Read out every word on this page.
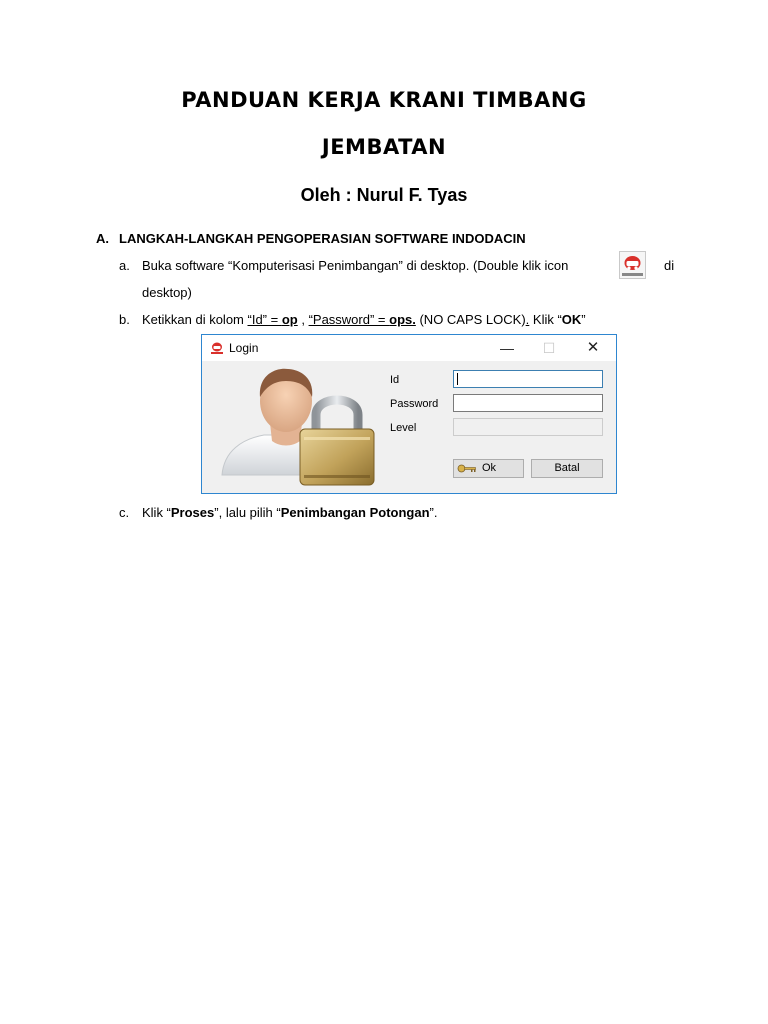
PANDUAN KERJA KRANI TIMBANG
JEMBATAN
Oleh : Nurul F. Tyas
A. LANGKAH-LANGKAH PENGOPERASIAN SOFTWARE INDODACIN
a. Buka software “Komputerisasi Penimbangan” di desktop. (Double klik icon	di
desktop)
b. Ketikkan di kolom “Id” = op , “Password” = ops. (NO CAPS LOCK). Klik “OK”
Login	— ☐ ✕
Id
Password
Level
Ok	Batal
c. Klik “Proses”, lalu pilih “Penimbangan Potongan”.
